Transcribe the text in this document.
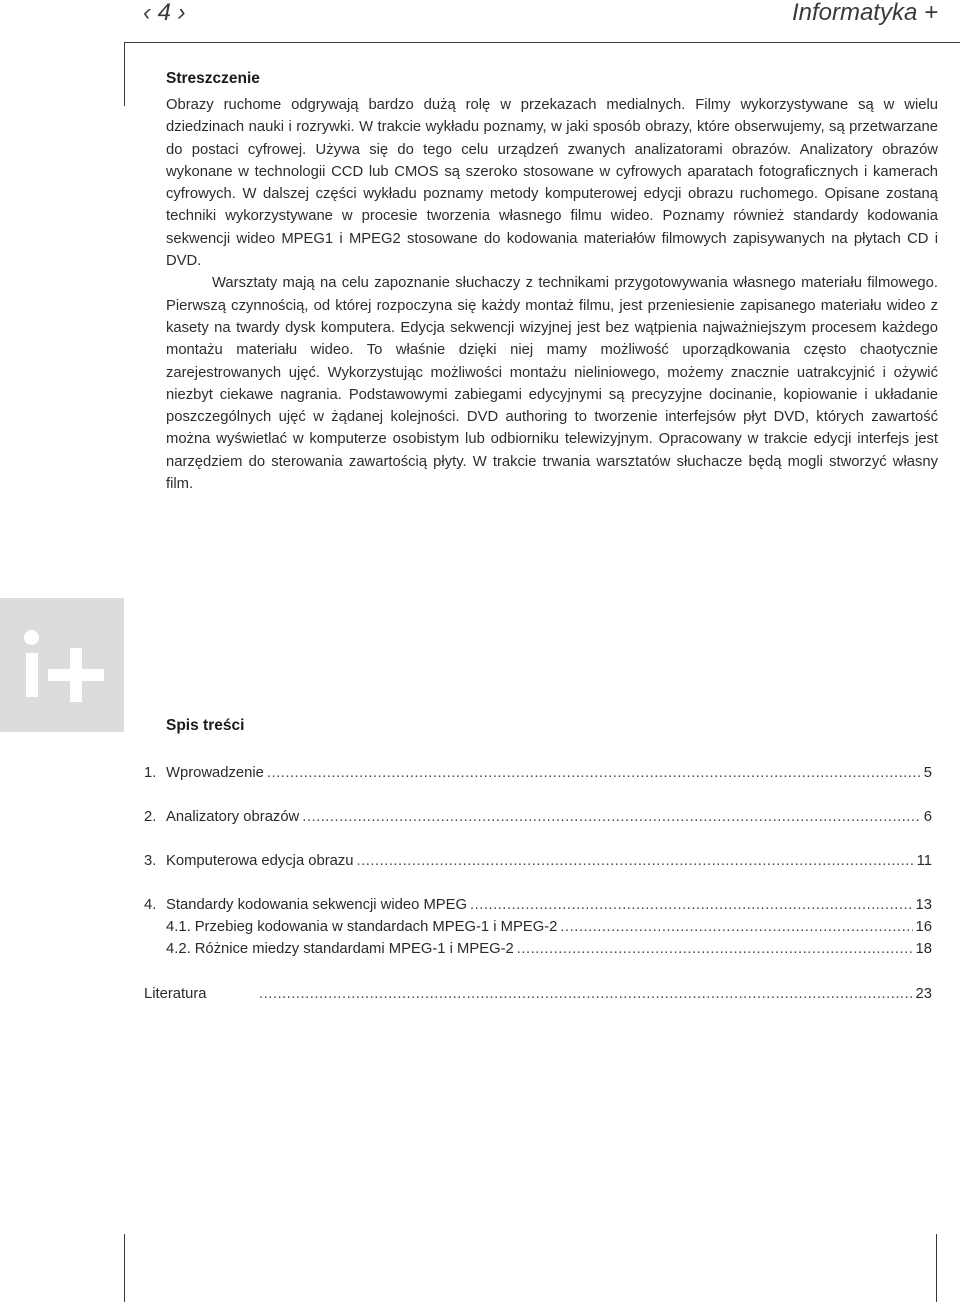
‹ 4 ›	Informatyka +
Streszczenie

Obrazy ruchome odgrywają bardzo dużą rolę w przekazach medialnych. Filmy wykorzystywane są w wielu dziedzinach nauki i rozrywki. W trakcie wykładu poznamy, w jaki sposób obrazy, które obserwujemy, są przetwarzane do postaci cyfrowej. Używa się do tego celu urządzeń zwanych analizatorami obrazów. Analizatory obrazów wykonane w technologii CCD lub CMOS są szeroko stosowane w cyfrowych aparatach fotograficznych i kamerach cyfrowych. W dalszej części wykładu poznamy metody komputerowej edycji obrazu ruchomego. Opisane zostaną techniki wykorzystywane w procesie tworzenia własnego filmu wideo. Poznamy również standardy kodowania sekwencji wideo MPEG1 i MPEG2 stosowane do kodowania materiałów filmowych zapisywanych na płytach CD i DVD.

Warsztaty mają na celu zapoznanie słuchaczy z technikami przygotowywania własnego materiału filmowego. Pierwszą czynnością, od której rozpoczyna się każdy montaż filmu, jest przeniesienie zapisanego materiału wideo z kasety na twardy dysk komputera. Edycja sekwencji wizyjnej jest bez wątpienia najważniejszym procesem każdego montażu materiału wideo. To właśnie dzięki niej mamy możliwość uporządkowania często chaotycznie zarejestrowanych ujęć. Wykorzystując możliwości montażu nieliniowego, możemy znacznie uatrakcyjnić i ożywić niezbyt ciekawe nagrania. Podstawowymi zabiegami edycyjnymi są precyzyjne docinanie, kopiowanie i układanie poszczególnych ujęć w żądanej kolejności. DVD authoring to tworzenie interfejsów płyt DVD, których zawartość można wyświetlać w komputerze osobistym lub odbiorniku telewizyjnym. Opracowany w trakcie edycji interfejs jest narzędziem do sterowania zawartością płyty. W trakcie trwania warsztatów słuchacze będą mogli stworzyć własny film.

Spis treści
1. Wprowadzenie .....	5
2. Analizatory obrazów .....	6
3. Komputerowa edycja obrazu .....	11
4. Standardy kodowania sekwencji wideo MPEG .....	13
4.1. Przebieg kodowania w standardach MPEG-1 i MPEG-2 .....	16
4.2. Różnice miedzy standardami MPEG-1 i MPEG-2 .....	18
Literatura .....	23
